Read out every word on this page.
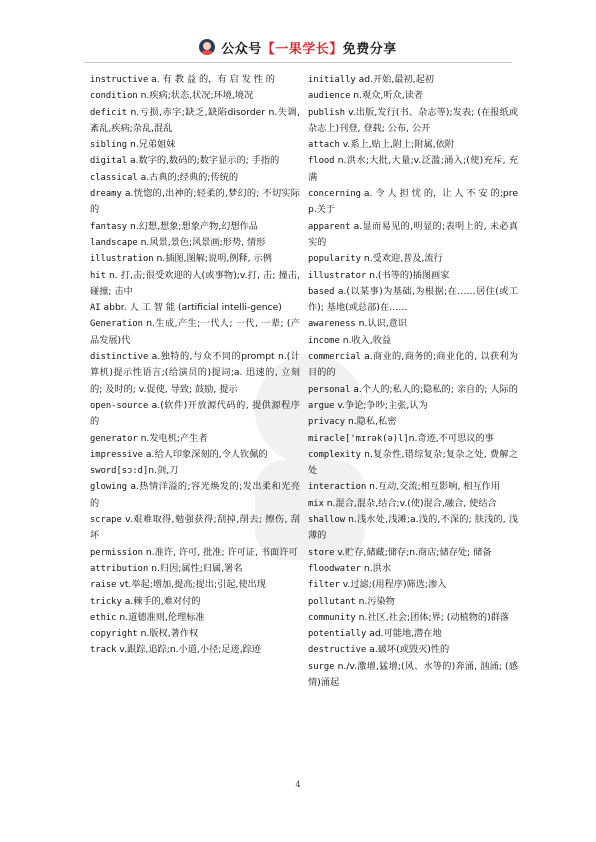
公众号【一果学长】免费分享

instructive a. 有 教 益 的，有 启 发 性 的

condition n.疾病;状态,状况;环境,境况

deficit n.亏损,赤字;缺乏,缺陷disorder n.失调,紊乱,疾病;杂乱,混乱

sibling n.兄弟姐妹

digital a.数字的,数码的;数字显示的; 手指的

classical a.古典的;经典的;传统的

dreamy a.恍惚的,出神的;轻柔的,梦幻的; 不切实际的

fantasy n.幻想,想象;想象产物,幻想作品

landscape n.风景,景色;风景画;形势, 情形

illustration n.插图,图解;说明,例释, 示例

hit n. 打,击;很受欢迎的人(或事物);v.打, 击; 撞击, 碰撞; 击中

AI abbr. 人 工 智 能 (artificial intelli-gence)

Generation n.生成,产生;一代人; 一代, 一辈; (产品发展)代

distinctive a.独特的,与众不同的prompt n.(计算机)提示性语言;(给演员的)提词;a. 迅速的, 立刻的; 及时的; v.促使, 导致; 鼓励, 提示

open-source a.(软件)开放源代码的, 提供源程序的

generator n.发电机;产生者

impressive a.给人印象深刻的,令人钦佩的

sword[sɔ:d]n.剑,刀

glowing a.热情洋溢的;容光焕发的;发出柔和光亮的

scrape v.艰难取得,勉强获得;刮掉,削去; 擦伤, 刮坏

permission n.准许, 许可, 批准; 许可证, 书面许可

attribution n.归因;属性;归属,署名

raise vt.举起;增加,提高;提出;引起,使出现

tricky a.棘手的,难对付的

ethic n.道德准则,伦理标准

copyright n.版权,著作权

track v.跟踪,追踪;n.小道,小径;足迹,踪迹

initially ad.开始,最初,起初

audience n.观众,听众,读者

publish v.出版,发行(书、杂志等);发表; (在报纸或杂志上)刊登, 登载; 公布, 公开

attach v.系上,贴上,附上;附属,依附

flood n.洪水;大批,大量;v.泛滥;涌入;(使)充斥, 充满

concerning a. 令 人 担 忧 的，让 人 不 安 的;prep.关于

apparent a.显而易见的,明显的;表明上的, 未必真实的

popularity n.受欢迎,普及,流行

illustrator n.(书等的)插图画家

based a.(以某事)为基础,为根据;在……居住(或工作); 基地(或总部)在……

awareness n.认识,意识

income n.收入,收益

commercial a.商业的,商务的;商业化的, 以获利为目的的

personal a.个人的;私人的;隐私的; 亲自的; 人际的

argue v.争论;争吵;主张,认为

privacy n.隐私,私密

miracle['mɪrək(ə)l]n.奇迹,不可思议的事

complexity n.复杂性,错综复杂;复杂之处, 费解之处

interaction n.互动,交流;相互影响, 相互作用

mix n.混合,混杂,结合;v.(使)混合,融合, 使结合

shallow n.浅水处,浅滩;a.浅的,不深的; 肤浅的, 浅薄的

store v.贮存,储藏;储存;n.商店;储存处; 储备

floodwater n.洪水

filter v.过滤;(用程序)筛选;渗入

pollutant n.污染物

community n.社区,社会;团体;界; (动植物的)群落

potentially ad.可能地,潜在地

destructive a.破坏(或毁灭)性的

surge n./v.激增,猛增;(风、水等的)奔涌, 汹涌; (感情)涌起

4
